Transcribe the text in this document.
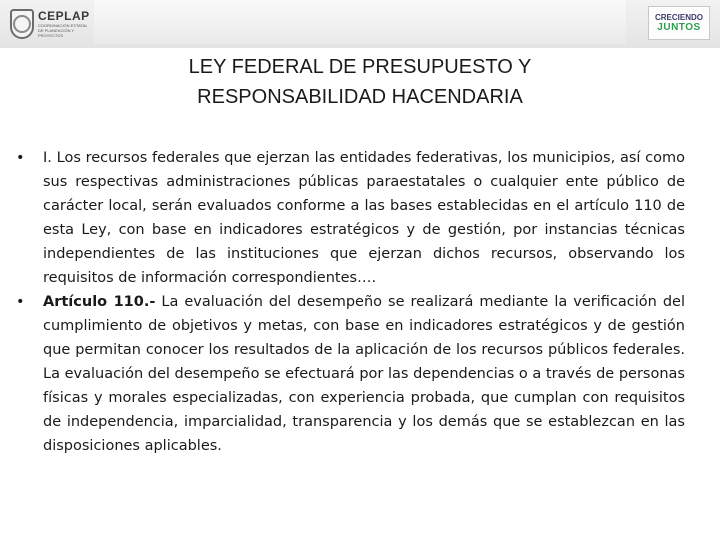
CEPLAP
COORDINACIÓN ESTATAL DE PLANEACIÓN Y PROYECTOS
CRECIENDO
JUNTOS
LEY FEDERAL DE PRESUPUESTO Y
RESPONSABILIDAD HACENDARIA
• I. Los recursos federales que ejerzan las entidades federativas, los municipios, así como sus respectivas administraciones públicas paraestatales o cualquier ente público de carácter local, serán evaluados conforme a las bases establecidas en el artículo 110 de esta Ley, con base en indicadores estratégicos y de gestión, por instancias técnicas independientes de las instituciones que ejerzan dichos recursos, observando los requisitos de información correspondientes….
• Artículo 110.- La evaluación del desempeño se realizará mediante la verificación del cumplimiento de objetivos y metas, con base en indicadores estratégicos y de gestión que permitan conocer los resultados de la aplicación de los recursos públicos federales. La evaluación del desempeño se efectuará por las dependencias o a través de personas físicas y morales especializadas, con experiencia probada, que cumplan con requisitos de independencia, imparcialidad, transparencia y los demás que se establezcan en las disposiciones aplicables.
